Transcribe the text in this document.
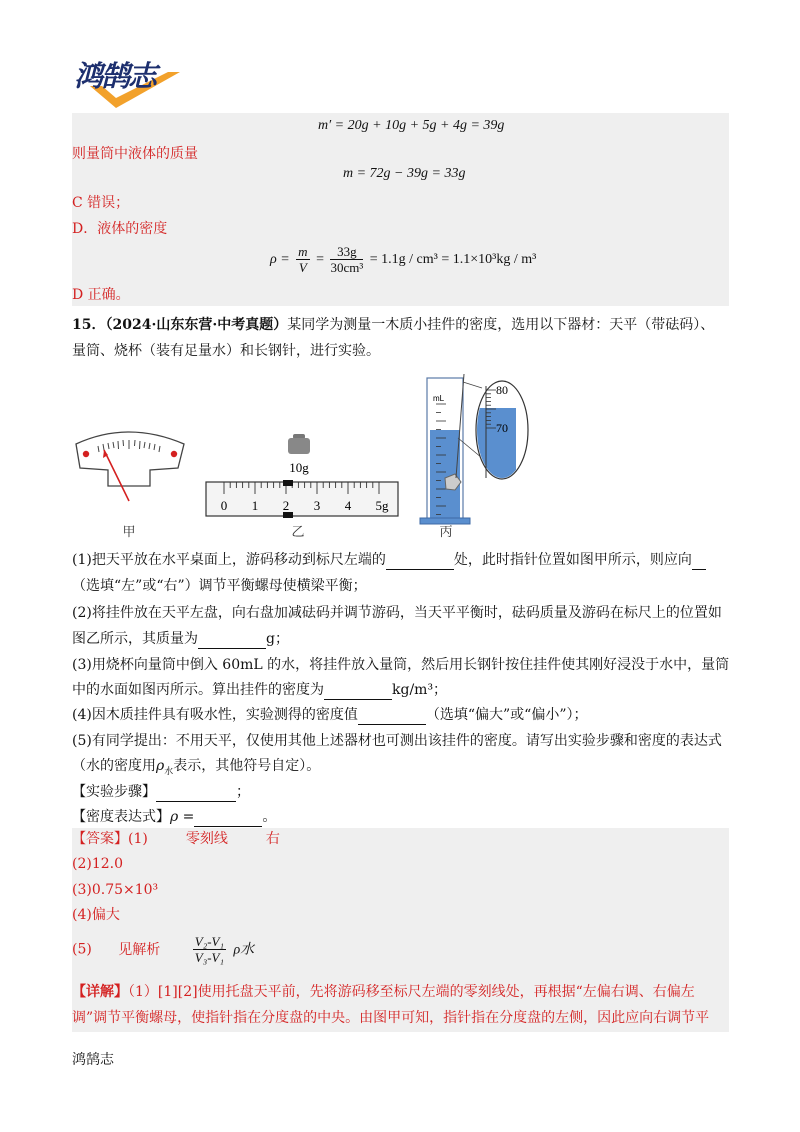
鸿鹄志
m′ = 20g + 10g + 5g + 4g = 39g
则量筒中液体的质量
m = 72g − 39g = 33g
C 错误；
D．液体的密度
$\rho = \frac{m}{V} = \frac{33g}{\text{30cm³}} = 1.1g / cm^3 = 1.1\times 10^3kg / m^3$
D 正确。
15．（2024·山东东营·中考真题）某同学为测量一木质小挂件的密度，选用以下器材：天平（带砝码）、
量筒、烧杯（装有足量水）和长钢针，进行实验。
甲
10g
0 1 2 3 4 5g
乙
mL
80
70
丙
(1)把天平放在水平桌面上，游码移动到标尺左端的	处，此时指针位置如图甲所示，则应向
（选填“左”或“右”）调节平衡螺母使横梁平衡；
(2)将挂件放在天平左盘，向右盘加减砝码并调节游码，当天平平衡时，砝码质量及游码在标尺上的位置如
图乙所示，其质量为	g；
(3)用烧杯向量筒中倒入 60mL 的水，将挂件放入量筒，然后用长钢针按住挂件使其刚好浸没于水中，量筒
中的水面如图丙所示。算出挂件的密度为	kg/m³；
(4)因木质挂件具有吸水性，实验测得的密度值	（选填“偏大”或“偏小”）；
(5)有同学提出：不用天平，仅使用其他上述器材也可测出该挂件的密度。请写出实验步骤和密度的表达式
（水的密度用$\rho_水$表示，其他符号自定）。
【实验步骤】	；
【密度表达式】ρ =	。
【答案】(1)	零刻线	右
(2)12.0
(3)0.75×10³
(4)偏大
(5) 见解析 $\frac{\text{V₂-V₁}}{\text{V₃-V₁}}$ ρ水
【详解】（1）[1][2]使用托盘天平前，先将游码移至标尺左端的零刻线处，再根据“左偏右调、右偏左
调”调节平衡螺母，使指针指在分度盘的中央。由图甲可知，指针指在分度盘的左侧，因此应向右调节平
鸿鹄志
